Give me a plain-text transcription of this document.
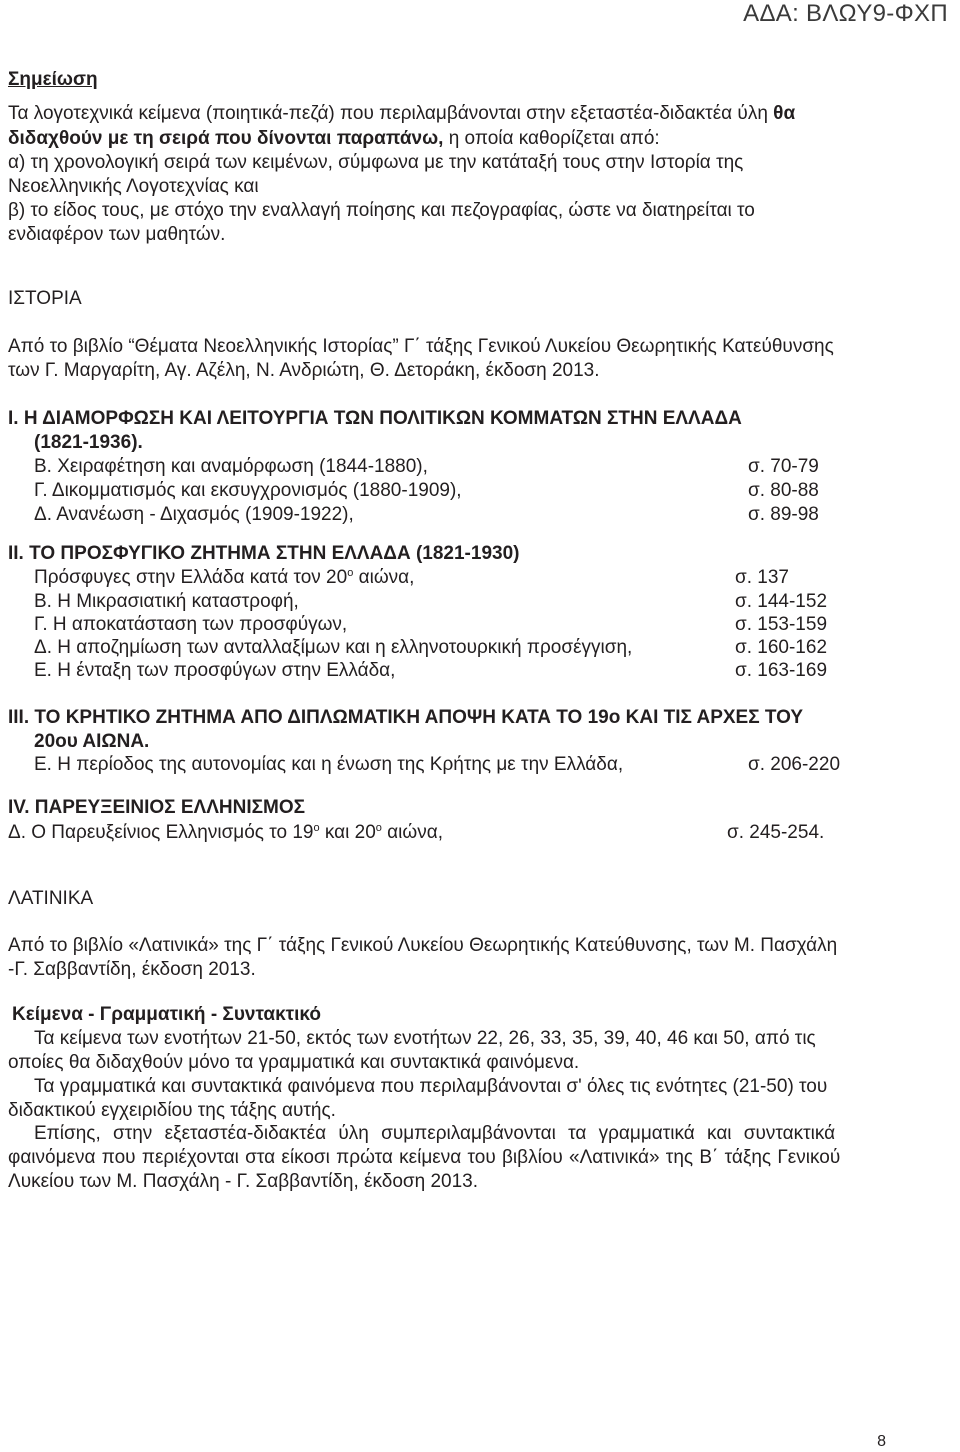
ΑΔΑ: ΒΛΩΥ9-ΦΧΠ
Σημείωση
Τα λογοτεχνικά κείμενα (ποιητικά-πεζά) που περιλαμβάνονται στην εξεταστέα-διδακτέα ύλη θα
διδαχθούν με τη σειρά που δίνονται παραπάνω, η οποία καθορίζεται από:
α) τη χρονολογική σειρά των κειμένων, σύμφωνα με την κατάταξή τους στην Ιστορία της
Νεοελληνικής Λογοτεχνίας και
β) το είδος τους, με στόχο την εναλλαγή ποίησης και πεζογραφίας, ώστε να διατηρείται το
ενδιαφέρον των μαθητών.
ΙΣΤΟΡΙΑ
Από το βιβλίο “Θέματα Νεοελληνικής Ιστορίας” Γ΄ τάξης Γενικού Λυκείου Θεωρητικής Κατεύθυνσης
των Γ. Μαργαρίτη, Αγ. Αζέλη, Ν. Ανδριώτη, Θ. Δετοράκη, έκδοση 2013.
Ι. Η ΔΙΑΜΟΡΦΩΣΗ ΚΑΙ ΛΕΙΤΟΥΡΓΙΑ ΤΩΝ ΠΟΛΙΤΙΚΩΝ ΚΟΜΜΑΤΩΝ ΣΤΗΝ ΕΛΛΑΔΑ
(1821-1936).
Β. Χειραφέτηση και αναμόρφωση (1844-1880),	σ. 70-79
Γ. Δικομματισμός και εκσυγχρονισμός (1880-1909),	σ. 80-88
Δ. Ανανέωση - Διχασμός (1909-1922),	σ. 89-98
ΙΙ. ΤΟ ΠΡΟΣΦΥΓΙΚΟ ΖΗΤΗΜΑ ΣΤΗΝ ΕΛΛΑΔΑ (1821-1930)
Πρόσφυγες στην Ελλάδα κατά τον $20^o$ αιώνα,	σ. 137
Β. Η Μικρασιατική καταστροφή,	σ. 144-152
Γ. Η αποκατάσταση των προσφύγων,	σ. 153-159
Δ. Η αποζημίωση των ανταλλαξίμων και η ελληνοτουρκική προσέγγιση,	σ. 160-162
Ε. Η ένταξη των προσφύγων στην Ελλάδα,	σ. 163-169
ΙΙΙ. ΤΟ ΚΡΗΤΙΚΟ ΖΗΤΗΜΑ ΑΠΟ ΔΙΠΛΩΜΑΤΙΚΗ ΑΠΟΨΗ ΚΑΤΑ ΤΟ 19ο ΚΑΙ ΤΙΣ ΑΡΧΕΣ ΤΟΥ
20ου ΑΙΩΝΑ.
Ε. Η περίοδος της αυτονομίας και η ένωση της Κρήτης με την Ελλάδα,	σ. 206-220
ΙV. ΠΑΡΕΥΞΕΙΝΙΟΣ ΕΛΛΗΝΙΣΜΟΣ
Δ. Ο Παρευξείνιος Ελληνισμός το $19^o$ και $20^o$ αιώνα,	σ. 245-254.
ΛΑΤΙΝΙΚΑ
Από το βιβλίο «Λατινικά» της Γ΄ τάξης Γενικού Λυκείου Θεωρητικής Κατεύθυνσης, των Μ. Πασχάλη
-Γ. Σαββαντίδη, έκδοση 2013.
Κείμενα - Γραμματική - Συντακτικό
Τα κείμενα των ενοτήτων 21-50, εκτός των ενοτήτων 22, 26, 33, 35, 39, 40, 46 και 50, από τις
οποίες θα διδαχθούν μόνο τα γραμματικά και συντακτικά φαινόμενα.
Τα γραμματικά και συντακτικά φαινόμενα που περιλαμβάνονται σ' όλες τις ενότητες (21-50) του
διδακτικού εγχειριδίου της τάξης αυτής.
Επίσης, στην εξεταστέα-διδακτέα ύλη συμπεριλαμβάνονται τα γραμματικά και συντακτικά
φαινόμενα που περιέχονται στα είκοσι πρώτα κείμενα του βιβλίου «Λατινικά» της Β΄ τάξης Γενικού
Λυκείου των Μ. Πασχάλη - Γ. Σαββαντίδη, έκδοση 2013.
8
